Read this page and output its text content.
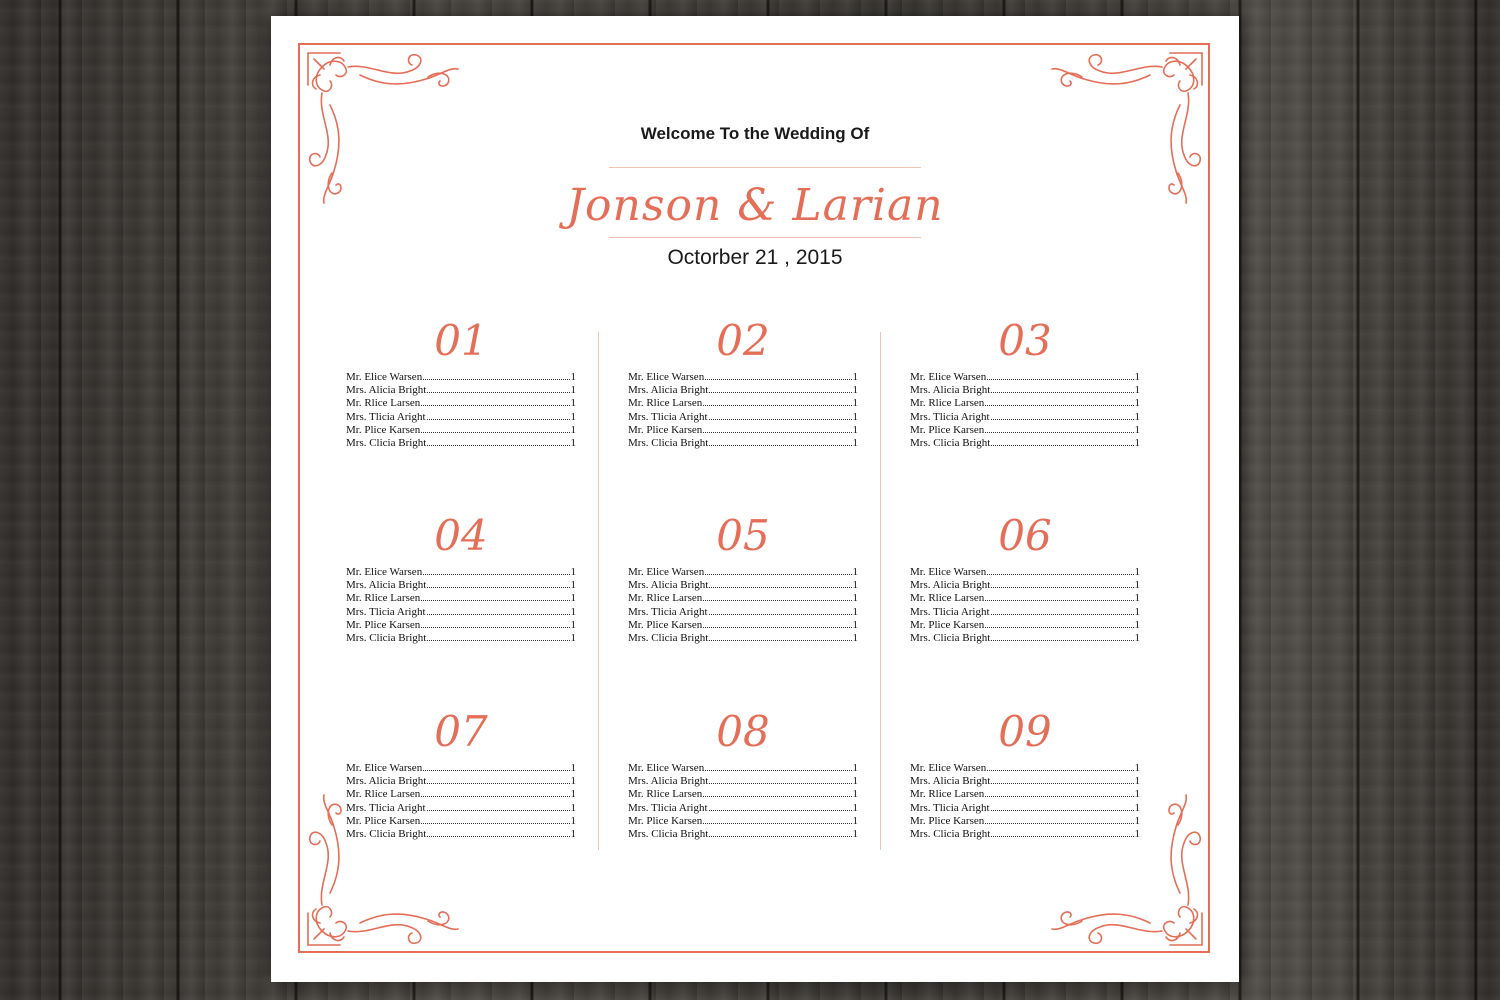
Welcome To the Wedding Of
Jonson & Larian
Octorber 21 , 2015
01
Mr. Elice Warsen	1
Mrs. Alicia Bright	1
Mr. Rlice Larsen	1
Mrs. Tlicia Aright	1
Mr. Plice Karsen	1
Mrs. Clicia Bright	1
02
Mr. Elice Warsen	1
Mrs. Alicia Bright	1
Mr. Rlice Larsen	1
Mrs. Tlicia Aright	1
Mr. Plice Karsen	1
Mrs. Clicia Bright	1
03
Mr. Elice Warsen	1
Mrs. Alicia Bright	1
Mr. Rlice Larsen	1
Mrs. Tlicia Aright	1
Mr. Plice Karsen	1
Mrs. Clicia Bright	1
04
Mr. Elice Warsen	1
Mrs. Alicia Bright	1
Mr. Rlice Larsen	1
Mrs. Tlicia Aright	1
Mr. Plice Karsen	1
Mrs. Clicia Bright	1
05
Mr. Elice Warsen	1
Mrs. Alicia Bright	1
Mr. Rlice Larsen	1
Mrs. Tlicia Aright	1
Mr. Plice Karsen	1
Mrs. Clicia Bright	1
06
Mr. Elice Warsen	1
Mrs. Alicia Bright	1
Mr. Rlice Larsen	1
Mrs. Tlicia Aright	1
Mr. Plice Karsen	1
Mrs. Clicia Bright	1
07
Mr. Elice Warsen	1
Mrs. Alicia Bright	1
Mr. Rlice Larsen	1
Mrs. Tlicia Aright	1
Mr. Plice Karsen	1
Mrs. Clicia Bright	1
08
Mr. Elice Warsen	1
Mrs. Alicia Bright	1
Mr. Rlice Larsen	1
Mrs. Tlicia Aright	1
Mr. Plice Karsen	1
Mrs. Clicia Bright	1
09
Mr. Elice Warsen	1
Mrs. Alicia Bright	1
Mr. Rlice Larsen	1
Mrs. Tlicia Aright	1
Mr. Plice Karsen	1
Mrs. Clicia Bright	1
